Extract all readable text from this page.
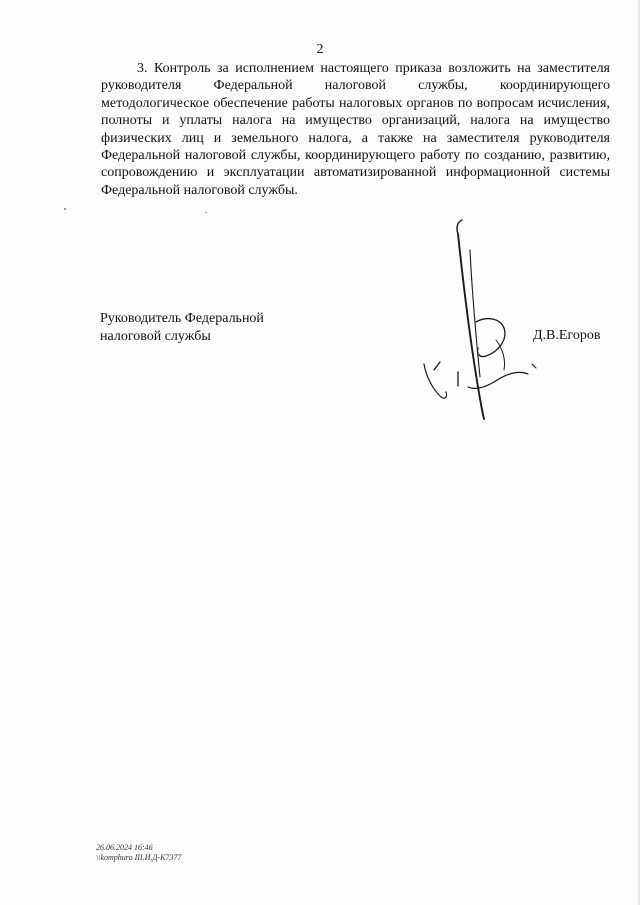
2
3. Контроль за исполнением настоящего приказа возложить на заместителя
руководителя Федеральной налоговой службы, координирующего
методологическое обеспечение работы налоговых органов по вопросам исчисления,
полноты и уплаты налога на имущество организаций, налога на имущество
физических лиц и земельного налога, а также на заместителя руководителя
Федеральной налоговой службы, координирующего работу по созданию, развитию,
сопровождению и эксплуатации автоматизированной информационной системы
Федеральной налоговой службы.
Руководитель Федеральной
налоговой службы	Д.В.Егоров
26.06.2024 16:46
\\komphuro III.И.Д-К7377
